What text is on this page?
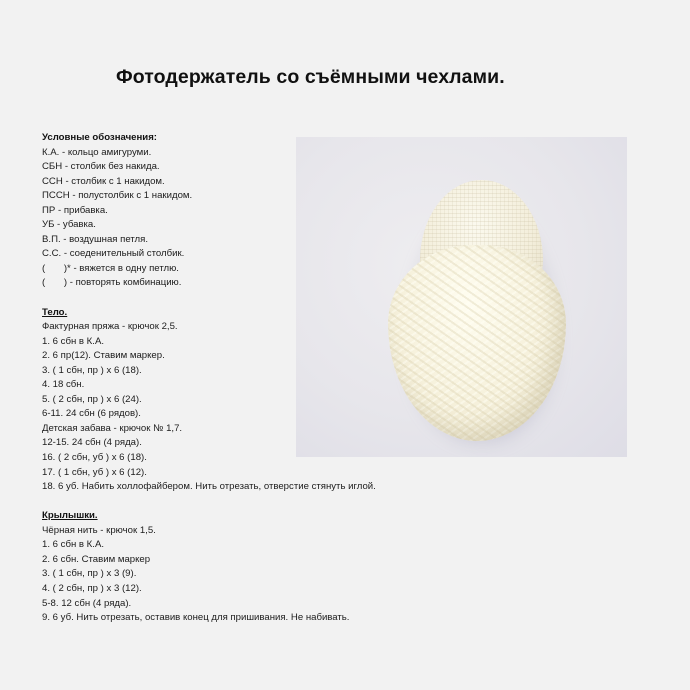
Фотодержатель со съёмными чехлами.
Условные обозначения:
К.А. - кольцо амигуруми.
СБН - столбик без накида.
ССН - столбик с 1 накидом.
ПССН - полустолбик с 1 накидом.
ПР - прибавка.
УБ - убавка.
В.П. - воздушная петля.
С.С. - соеденительный столбик.
(       )* - вяжется в одну петлю.
(       ) - повторять комбинацию.
Тело.
Фактурная пряжа - крючок 2,5.
1. 6 сбн в К.А.
2. 6 пр(12). Ставим маркер.
3. ( 1 сбн, пр ) х 6 (18).
4. 18 сбн.
5. ( 2 сбн, пр ) х 6 (24).
6-11. 24 сбн (6 рядов).
Детская забава - крючок № 1,7.
12-15. 24 сбн (4 ряда).
16. ( 2 сбн, уб ) х 6 (18).
17. ( 1 сбн, уб ) х 6 (12).
18. 6 уб. Набить холлофайбером. Нить отрезать, отверстие стянуть иглой.
Крылышки.
Чёрная нить - крючок 1,5.
1. 6 сбн в К.А.
2. 6 сбн. Ставим маркер
3. ( 1 сбн, пр ) х 3 (9).
4. ( 2 сбн, пр ) х 3 (12).
5-8. 12 сбн (4 ряда).
9. 6 уб. Нить отрезать, оставив конец для пришивания. Не набивать.
